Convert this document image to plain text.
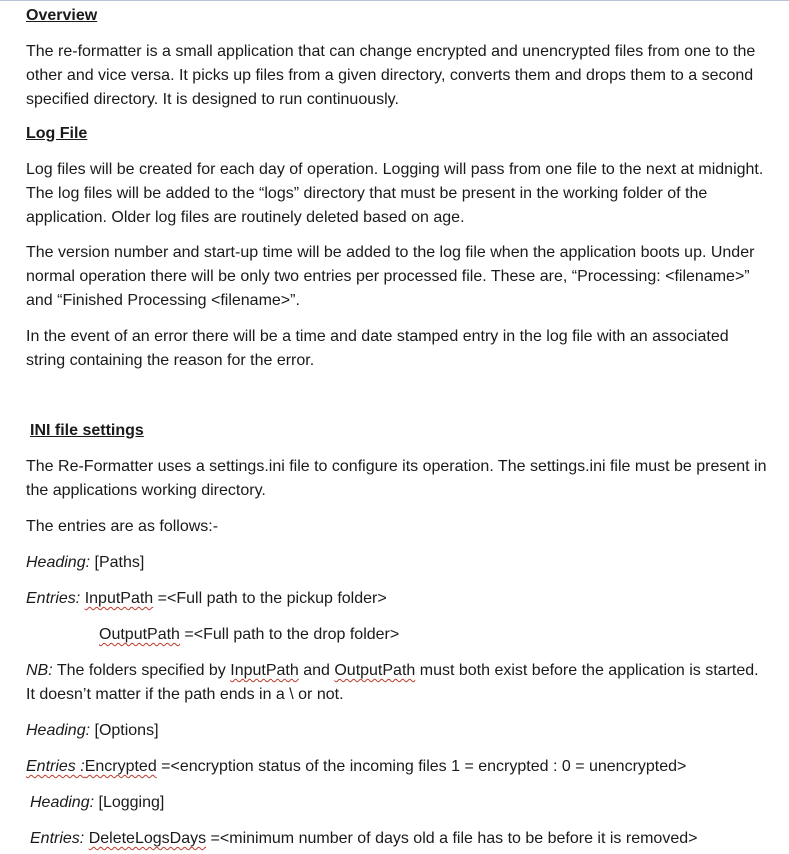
Overview
The re-formatter is a small application that can change encrypted and unencrypted files from one to the other and vice versa. It picks up files from a given directory, converts them and drops them to a second specified directory. It is designed to run continuously.
Log File
Log files will be created for each day of operation. Logging will pass from one file to the next at midnight. The log files will be added to the “logs” directory that must be present in the working folder of the application. Older log files are routinely deleted based on age.
The version number and start-up time will be added to the log file when the application boots up. Under normal operation there will be only two entries per processed file. These are, “Processing: <filename>” and “Finished Processing <filename>”.
In the event of an error there will be a time and date stamped entry in the log file with an associated string containing the reason for the error.
INI file settings
The Re-Formatter uses a settings.ini file to configure its operation. The settings.ini file must be present in the applications working directory.
The entries are as follows:-
Heading: [Paths]
Entries: InputPath =<Full path to the pickup folder>
OutputPath =<Full path to the drop folder>
NB: The folders specified by InputPath and OutputPath must both exist before the application is started. It doesn’t matter if the path ends in a \ or not.
Heading: [Options]
Entries :Encrypted =<encryption status of the incoming files 1 = encrypted : 0 = unencrypted>
Heading: [Logging]
Entries: DeleteLogsDays =<minimum number of days old a file has to be before it is removed>
